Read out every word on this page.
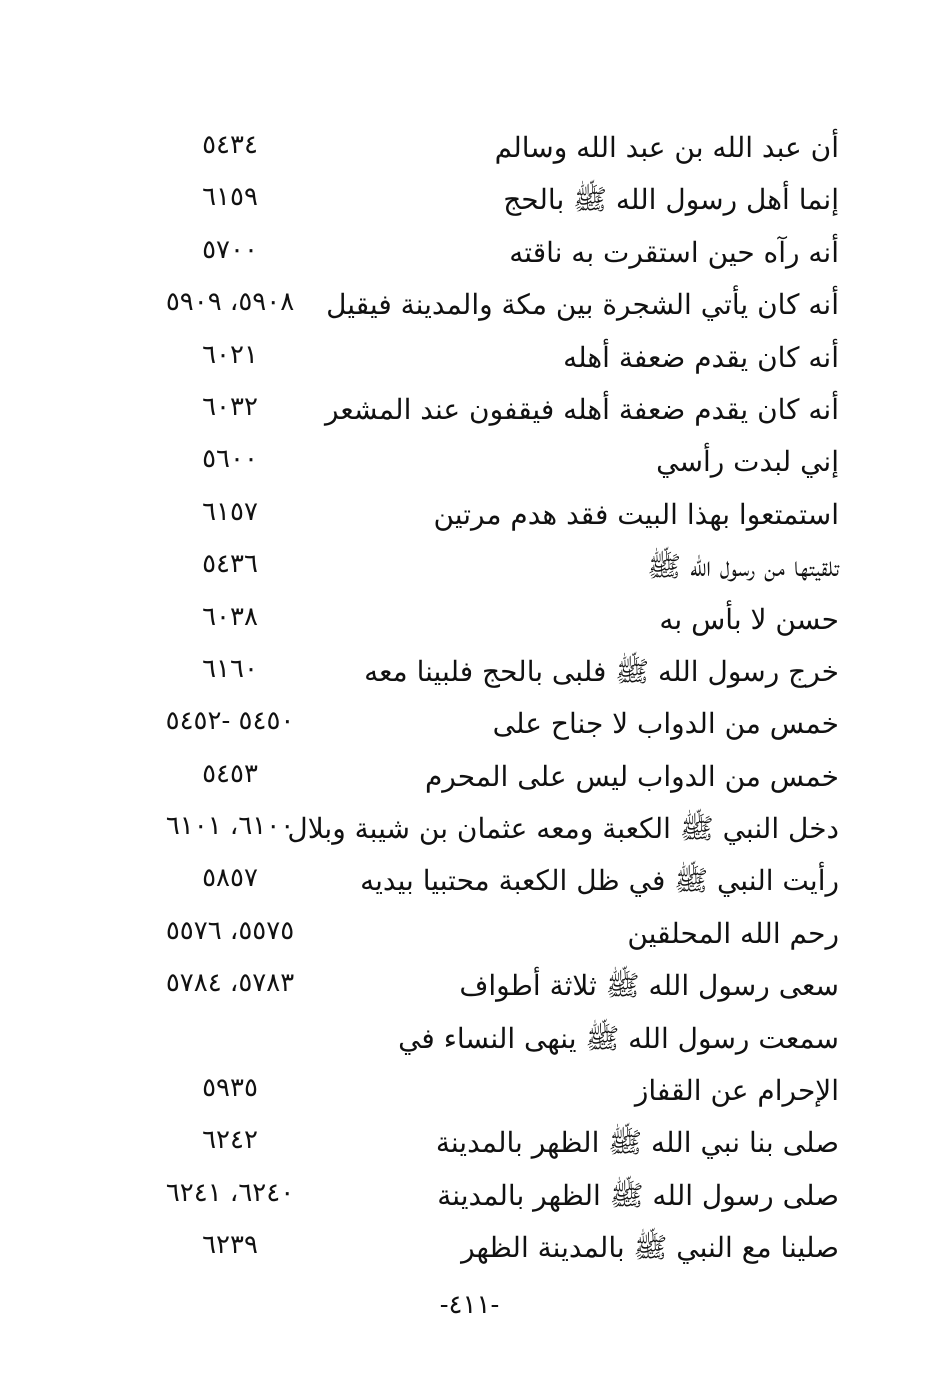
أن عبد الله بن عبد الله وسالم
٥٤٣٤
إنما أهل رسول الله ﷺ بالحج
٦١٥٩
أنه رآه حين استقرت به ناقته
٥٧٠٠
أنه كان يأتي الشجرة بين مكة والمدينة فيقيل
٥٩٠٨، ٥٩٠٩
أنه كان يقدم ضعفة أهله
٦٠٢١
أنه كان يقدم ضعفة أهله فيقفون عند المشعر
٦٠٣٢
إني لبدت رأسي
٥٦٠٠
استمتعوا بهذا البيت فقد هدم مرتين
٦١٥٧
تلقيتها من رسول الله ﷺ
٥٤٣٦
حسن لا بأس به
٦٠٣٨
خرج رسول الله ﷺ فلبى بالحج فلبينا معه
٦١٦٠
خمس من الدواب لا جناح على
٥٤٥٠ -٥٤٥٢
خمس من الدواب ليس على المحرم
٥٤٥٣
دخل النبي ﷺ الكعبة ومعه عثمان بن شيبة وبلال
٦١٠٠، ٦١٠١
رأيت النبي ﷺ في ظل الكعبة محتبيا بيديه
٥٨٥٧
رحم الله المحلقين
٥٥٧٥، ٥٥٧٦
سعى رسول الله ﷺ ثلاثة أطواف
٥٧٨٣، ٥٧٨٤
سمعت رسول الله ﷺ ينهى النساء في الإحرام عن القفاز
٥٩٣٥
صلى بنا نبي الله ﷺ الظهر بالمدينة
٦٢٤٢
صلى رسول الله ﷺ الظهر بالمدينة
٦٢٤٠، ٦٢٤١
صلينا مع النبي ﷺ بالمدينة الظهر
٦٢٣٩
-٤١١-
